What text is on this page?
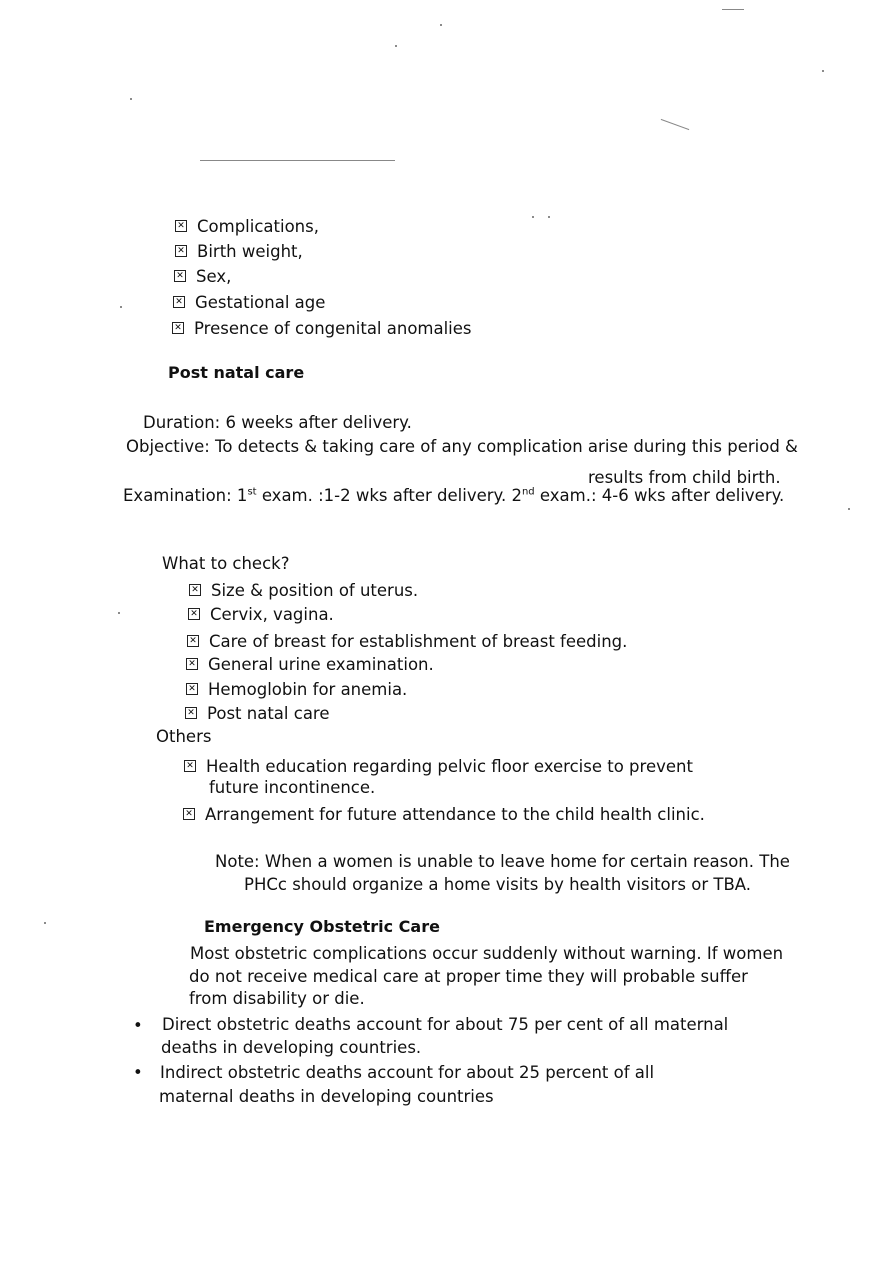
✕ Complications,
✕ Birth weight,
✕ Sex,
✕ Gestational age
✕ Presence of congenital anomalies
Post natal care
Duration: 6 weeks after delivery.
Objective: To detects & taking care of any complication arise during this period &
results from child birth.
Examination: 1st exam. :1-2 wks after delivery. 2nd exam.: 4-6 wks after delivery.
What to check?
✕ Size & position of uterus.
✕ Cervix, vagina.
✕ Care of breast for establishment of breast feeding.
✕ General urine examination.
✕ Hemoglobin for anemia.
✕ Post natal care
Others
✕ Health education regarding pelvic floor exercise to prevent
future incontinence.
✕ Arrangement for future attendance to the child health clinic.
Note: When a women is unable to leave home for certain reason. The
PHCc should organize a home visits by health visitors or TBA.
Emergency Obstetric Care
Most obstetric complications occur suddenly without warning. If women
do not receive medical care at proper time they will probable suffer
from disability or die.
• Direct obstetric deaths account for about 75 per cent of all maternal
deaths in developing countries.
• Indirect obstetric deaths account for about 25 percent of all
maternal deaths in developing countries
